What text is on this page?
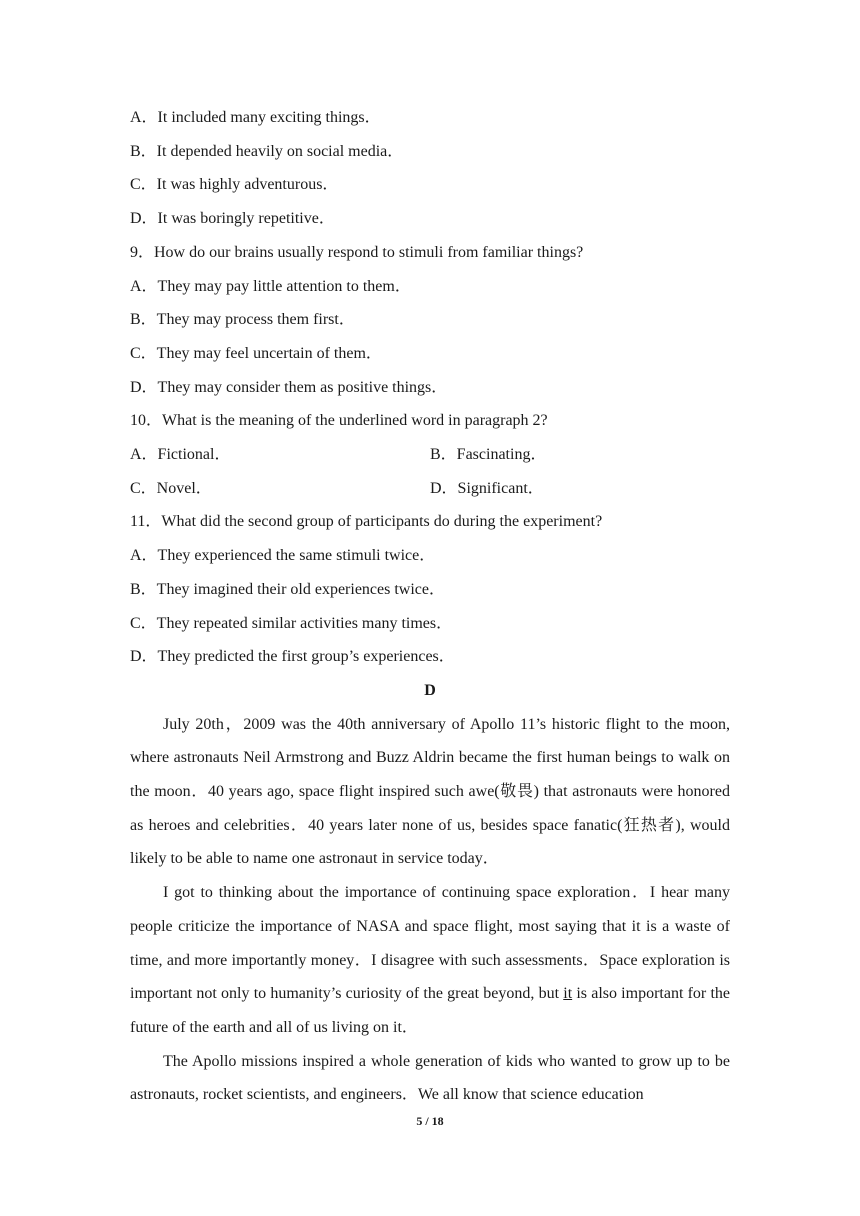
A．It included many exciting things．

B．It depended heavily on social media．

C．It was highly adventurous．

D．It was boringly repetitive．

9．How do our brains usually respond to stimuli from familiar things?

A．They may pay little attention to them．

B．They may process them first．

C．They may feel uncertain of them．

D．They may consider them as positive things．

10．What is the meaning of the underlined word in paragraph 2?

A．Fictional．	B．Fascinating．
C．Novel．	D．Significant．

11．What did the second group of participants do during the experiment?

A．They experienced the same stimuli twice．

B．They imagined their old experiences twice．

C．They repeated similar activities many times．

D．They predicted the first group’s experiences．

D

July 20th，2009 was the 40th anniversary of Apollo 11’s historic flight to the moon, where astronauts Neil Armstrong and Buzz Aldrin became the first human beings to walk on the moon．40 years ago, space flight inspired such awe(敬畏) that astronauts were honored as heroes and celebrities．40 years later none of us, besides space fanatic(狂热者), would likely to be able to name one astronaut in service today．

I got to thinking about the importance of continuing space exploration．I hear many people criticize the importance of NASA and space flight, most saying that it is a waste of time, and more importantly money．I disagree with such assessments．Space exploration is important not only to humanity’s curiosity of the great beyond, but it is also important for the future of the earth and all of us living on it．

The Apollo missions inspired a whole generation of kids who wanted to grow up to be astronauts, rocket scientists, and engineers．We all know that science education

5 / 18
